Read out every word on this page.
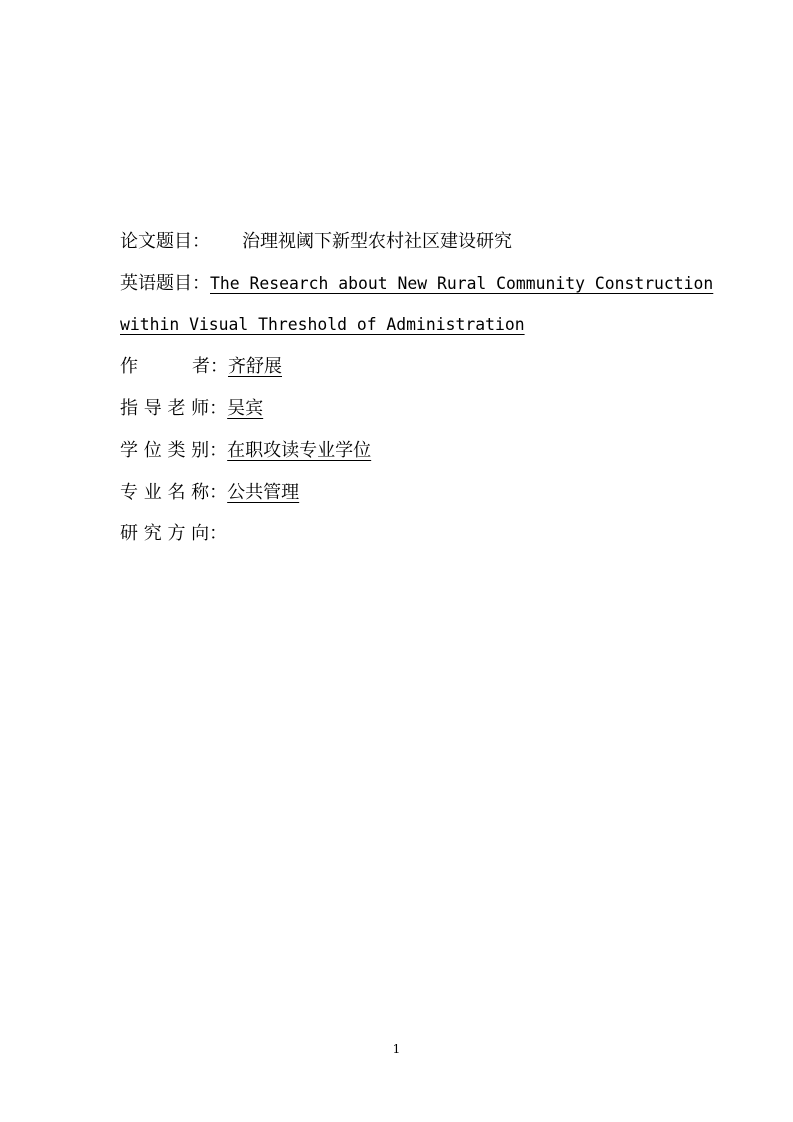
论文题目： 治理视阈下新型农村社区建设研究
英语题目：The Research about New Rural Community Construction
within Visual Threshold of Administration
作　　　者：齐舒展
指 导 老 师：吴宾
学 位 类 别：在职攻读专业学位
专 业 名 称：公共管理
研 究 方 向：
1
